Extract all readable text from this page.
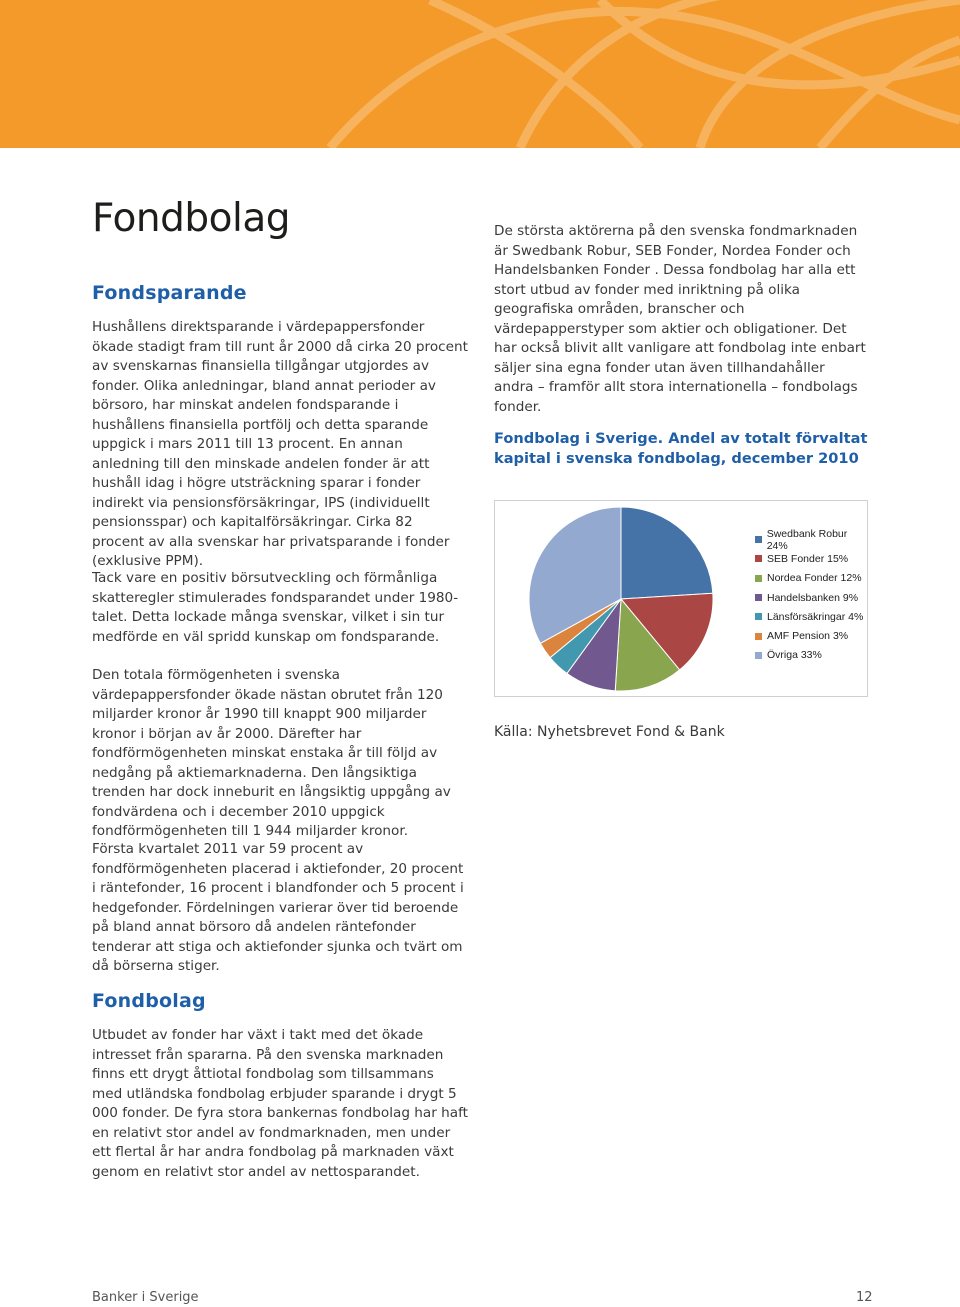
Fondbolag
Fondsparande

Hushållens direktsparande i värdepappersfonder ökade stadigt fram till runt år 2000 då cirka 20 procent av svenskarnas finansiella tillgångar utgjordes av fonder. Olika anledningar, bland annat perioder av börsoro, har minskat andelen fondsparande i hushållens finansiella portfölj och detta sparande uppgick i mars 2011 till 13 procent. En annan anledning till den minskade andelen fonder är att hushåll idag i högre utsträckning sparar i fonder indirekt via pensionsförsäkringar, IPS (individuellt pensionsspar) och kapitalförsäkringar. Cirka 82 procent av alla svenskar har privatsparande i fonder (exklusive PPM).

Tack vare en positiv börsutveckling och förmånliga skatteregler stimulerades fondsparandet under 1980-talet. Detta lockade många svenskar, vilket i sin tur medförde en väl spridd kunskap om fondsparande.

Den totala förmögenheten i svenska värdepappersfonder ökade nästan obrutet från 120 miljarder kronor år 1990 till knappt 900 miljarder kronor i början av år 2000. Därefter har fondförmögenheten minskat enstaka år till följd av nedgång på aktiemarknaderna. Den långsiktiga trenden har dock inneburit en långsiktig uppgång av fondvärdena och i december 2010 uppgick fondförmögenheten till 1 944 miljarder kronor.

Första kvartalet 2011 var 59 procent av fondförmögenheten placerad i aktiefonder, 20 procent i räntefonder, 16 procent i blandfonder och 5 procent i hedgefonder. Fördelningen varierar över tid beroende på bland annat börsoro då andelen räntefonder tenderar att stiga och aktiefonder sjunka och tvärt om då börserna stiger.

Fondbolag

Utbudet av fonder har växt i takt med det ökade intresset från spararna. På den svenska marknaden finns ett drygt åttiotal fondbolag som tillsammans med utländska fondbolag erbjuder sparande i drygt 5 000 fonder. De fyra stora bankernas fondbolag har haft en relativt stor andel av fondmarknaden, men under ett flertal år har andra fondbolag på marknaden växt genom en relativt stor andel av nettosparandet.

De största aktörerna på den svenska fondmarknaden är Swedbank Robur, SEB Fonder, Nordea Fonder och Handelsbanken Fonder . Dessa fondbolag har alla ett stort utbud av fonder med inriktning på olika geografiska områden, branscher och värdepapperstyper som aktier och obligationer. Det har också blivit allt vanligare att fondbolag inte enbart säljer sina egna fonder utan även tillhandahåller andra – framför allt stora internationella – fondbolags fonder.

Fondbolag i Sverige. Andel av totalt förvaltat kapital i svenska fondbolag, december 2010

Swedbank Robur 24%
SEB Fonder 15%
Nordea Fonder 12%
Handelsbanken 9%
Länsförsäkringar 4%
AMF Pension 3%
Övriga 33%

Källa: Nyhetsbrevet Fond & Bank

Banker i Sverige	12
